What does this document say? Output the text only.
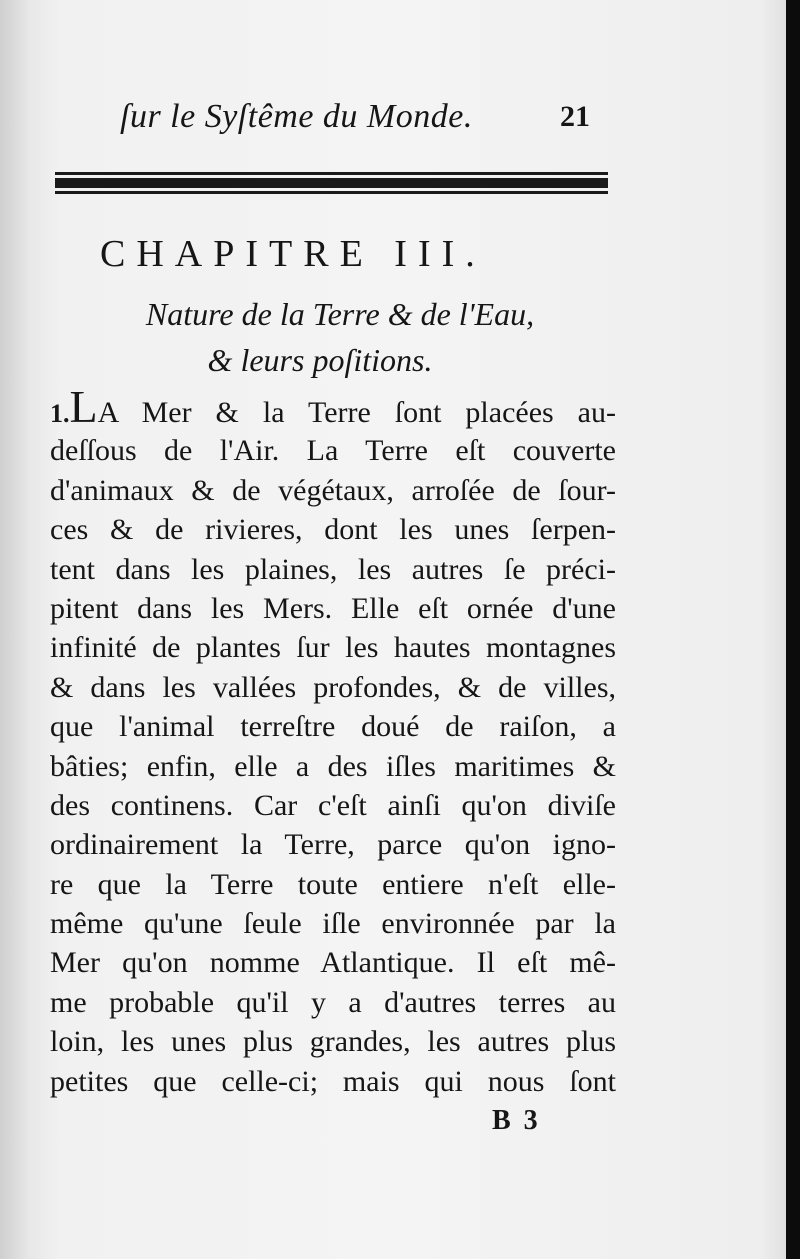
ſur le Syſtême du Monde.	21
CHAPITRE III.
Nature de la Terre & de l'Eau,
& leurs poſitions.
1.LA Mer & la Terre ſont placées au-
deſſous de l'Air. La Terre eſt couverte
d'animaux & de végétaux, arroſée de ſour-
ces & de rivieres, dont les unes ſerpen-
tent dans les plaines, les autres ſe préci-
pitent dans les Mers. Elle eſt ornée d'une
infinité de plantes ſur les hautes montagnes
& dans les vallées profondes, & de villes,
que l'animal terreſtre doué de raiſon, a
bâties; enfin, elle a des iſles maritimes &
des continens. Car c'eſt ainſi qu'on diviſe
ordinairement la Terre, parce qu'on igno-
re que la Terre toute entiere n'eſt elle-
même qu'une ſeule iſle environnée par la
Mer qu'on nomme Atlantique. Il eſt mê-
me probable qu'il y a d'autres terres au
loin, les unes plus grandes, les autres plus
petites que celle-ci; mais qui nous ſont
B 3
